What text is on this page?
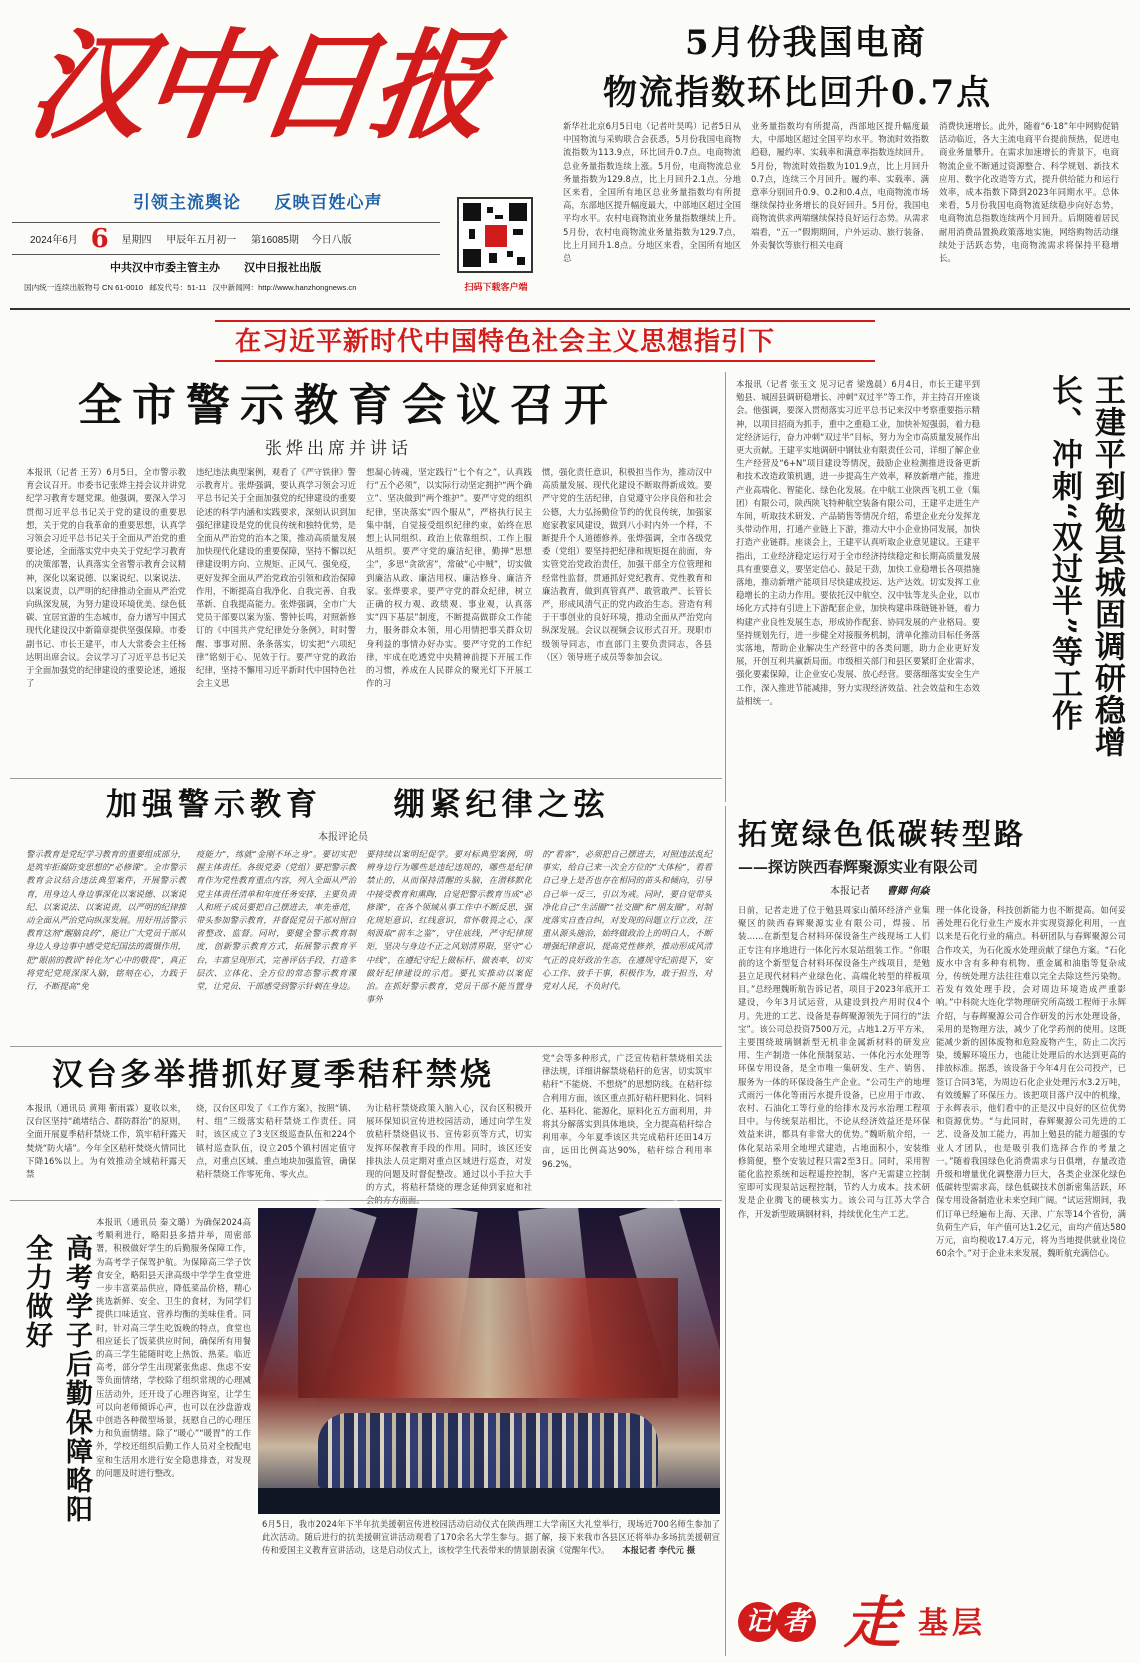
汉中日报
引领主流舆论 反映百姓心声
2024年6月 6 星期四 甲辰年五月初一 第16085期 今日八版
中共汉中市委主管主办 汉中日报社出版
国内统一连续出版物号 CN 61-0010 邮发代号：51-11 汉中新闻网：http://www.hanzhongnews.cn	扫码下载客户端
5月份我国电商
物流指数环比回升0.7点
新华社北京6月5日电（记者叶昊鸣）记者5日从中国物流与采购联合会获悉，5月份我国电商物流指数为113.9点，环比回升0.7点。电商物流总业务量指数连续上涨。5月份，电商物流总业务量指数为129.8点，比上月回升2.1点。分地区来看，全国所有地区总业务量指数均有所提高，东部地区提升幅度最大，中部地区超过全国平均水平。农村电商物流业务量指数继续上升。5月份，农村电商物流业务量指数为129.7点，比上月回升1.8点。分地区来看，全国所有地区总
业务量指数均有所提高，西部地区提升幅度最大，中部地区超过全国平均水平。物流时效指数趋稳，履约率、实载率和满意率指数连续回升。5月份，物流时效指数为101.9点，比上月回升0.7点，连续三个月回升。履约率、实载率、满意率分别回升0.9、0.2和0.4点，电商物流市场继续保持业务增长的良好回升。5月份，我国电商物流供求两端继续保持良好运行态势。从需求端看，“五一”假期期间，户外运动、旅行装备、外卖餐饮等旅行相关电商
消费快速增长。此外，随着“6·18”年中网购促销活动临近，各大主流电商平台提前预热，促进电商业务量攀升。在需求加速增长的背景下，电商物流企业不断通过资源整合、科学规划、新技术应用、数字化改造等方式，提升供给能力和运行效率，成本指数下降到2023年同期水平。总体来看，5月份我国电商物流延续稳步向好态势，电商物流总指数连续两个月回升。后期随着居民耐用消费品置换政策落地实施，网络购物活动继续处于活跃态势，电商物流需求将保持平稳增长。
在习近平新时代中国特色社会主义思想指引下
全市警示教育会议召开
张烨出席并讲话
本报讯（记者 王芳）6月5日，全市警示教育会议召开。市委书记张烨主持会议并讲党纪学习教育专题党课。他强调，要深入学习贯彻习近平总书记关于党的建设的重要思想，关于党的自我革命的重要思想，认真学习领会习近平总书记关于全面从严治党的重要论述，全面落实党中央关于党纪学习教育的决策部署，认真落实全省警示教育会议精神，深化以案说德、以案说纪、以案说法、以案说责，以严明的纪律推动全面从严治党向纵深发展，为努力建设环境优美、绿色低碳、宜居宜游的生态城市，奋力谱写中国式现代化建设汉中新篇章提供坚强保障。市委副书记、市长王建平，市人大常委会主任杨达明出席会议。会议学习了习近平总书记关于全面加强党的纪律建设的重要论述，通报了
违纪违法典型案例，观看了《严守铁律》警示教育片。张烨强调，要认真学习领会习近平总书记关于全面加强党的纪律建设的重要论述的科学内涵和实践要求，深刻认识到加强纪律建设是党的优良传统和独特优势，是全面从严治党的治本之策，推动高质量发展加快现代化建设的重要保障，坚持不懈以纪律建设明方向、立规矩、正风气、强免疫，更好发挥全面从严治党政治引领和政治保障作用，不断提高自我净化、自我完善、自我革新、自我提高能力。张烨强调，全市广大党员干部要以案为鉴、警钟长鸣，对照新修订的《中国共产党纪律处分条例》，时时警醒、事事对照、条条落实，切实把“六项纪律”铭刻于心、见效于行。要严守党的政治纪律，坚持不懈用习近平新时代中国特色社会主义思
想凝心铸魂，坚定践行“七个有之”，认真践行“五个必须”，以实际行动坚定拥护“两个确立”、坚决做到“两个维护”。要严守党的组织纪律，坚决落实“四个服从”，严格执行民主集中制，自觉接受组织纪律约束，始终在思想上认同组织、政治上依靠组织、工作上服从组织。要严守党的廉洁纪律，勤掸“思想尘”，多思“贪欲害”，常破“心中贼”，切实做到廉洁从政、廉洁用权、廉洁修身、廉洁齐家。张烨要求，要严守党的群众纪律，树立正确的权力观、政绩观、事业观，认真落实“四下基层”制度，不断提高做群众工作能力，服务群众本领，用心用情把事关群众切身利益的事情办好办实。要严守党的工作纪律，牢成在吃透党中央精神前提下开展工作的习惯，养成在人民群众的聚光灯下开展工作的习
惯，强化责任意识，积极担当作为，推动汉中高质量发展、现代化建设不断取得新成效。要严守党的生活纪律，自觉遵守公序良俗和社会公德，大力弘扬勤俭节约的优良传统，加强家庭家教家风建设，做到八小时内外一个样，不断提升个人道德修养。张烨强调，全市各级党委（党组）要坚持把纪律和规矩挺在前面，夯实管党治党政治责任，加强干部全方位管理和经常性监督，贯通抓好党纪教育、党性教育和廉洁教育，做到真管真严、敢管敢严、长管长严，形成风清气正的党内政治生态。营造有利于干事创业的良好环境，推动全面从严治党向纵深发展。会议以视频会议形式召开。现职市级领导同志，市直部门主要负责同志，各县（区）领导班子成员等参加会议。
本报讯（记者 张玉文 见习记者 梁逸晨）6月4日，市长王建平到勉县、城固县调研稳增长、冲刺“双过半”等工作，并主持召开座谈会。他强调，要深入贯彻落实习近平总书记来汉中考察重要指示精神，以项目招商为抓手，重中之重稳工业，加快补短强弱，着力稳定经济运行，奋力冲刺“双过半”目标，努力为全市高质量发展作出更大贡献。王建平实地调研中钢钛业有限责任公司，详细了解企业生产经营及“6+N”项目建设等情况，鼓励企业检测推进设备更新和技术改造政策机遇，进一步提高生产效率，释放新增产能，推进产业高端化、智能化、绿色化发展。在中航工业陕西飞机工业（集团）有限公司，陕西陕飞特种航空装备有限公司，王建平走进生产车间，听取技术研发、产品销售等情况介绍，希望企业充分发挥龙头带动作用，打通产业链上下游，推动大中小企业协同发展，加快打造产业链群。座谈会上，王建平认真听取企业意见建议。王建平指出，工业经济稳定运行对于全市经济持续稳定和长期高质量发展具有重要意义，要坚定信心、鼓足干劲，加快工业稳增长各项措施落地，推动新增产能项目尽快建成投运、达产达效。切实发挥工业稳增长的主动力作用。要依托汉中航空、汉中钛等龙头企业，以市场化方式持有引进上下游配套企业，加快构建串珠链链补链，着力构建产业良性发展生态，形成协作配套、协同发展的产业格局。要坚持规划先行，进一步健全对接服务机制，清单化推动目标任务落实落地，帮助企业解决生产经营中的各类问题，助力企业更好发展，开创互利共赢新局面。市级相关部门和县区要紧盯企业需求，强化要素保障，让企业安心发展、放心经营。要落细落实安全生产工作，深入推进节能减排，努力实现经济效益、社会效益和生态效益相统一。	王建平到勉县城固调研稳增长、冲刺“双过半”等工作
加强警示教育 绷紧纪律之弦
本报评论员
警示教育是党纪学习教育的重要组成部分，是筑牢拒腐防变思想的“必修课”。全市警示教育会议结合违法典型案件，开展警示教育，用身边人身边事深化以案说德、以案说纪、以案说法、以案说责，以严明的纪律推动全面从严治党向纵深发展。用好用活警示教育这剂“醒脑良药”，能让广大党员干部从身边人身边事中感受党纪国法的震慑作用，把“眼前的教训”转化为“心中的敬畏”，真正将党纪党规深深入脑，铭刻在心，力践于行，不断提高“免
疫能力”，练就“金刚不坏之身”。要切实把握主体责任。各级党委（党组）要把警示教育作为党性教育重点内容，列入全面从严治党主体责任清单和年度任务安排，主要负责人和班子成员要把自己摆进去，率先垂范，带头参加警示教育，并督促党员干部对照自省整改、监督。同时，要健全警示教育制度，创新警示教育方式，拓展警示教育平台，丰富呈现形式，完善评估手段，打造多层次、立体化、全方位的常态警示教育课堂，让党员、干部感受到警示针刺在身边。
要持续以案明纪促学。要对标典型案例，明辨身边行为哪些是违纪违规的，哪些是纪律禁止的，从而保持清醒的头脑，在潜移默化中接受教育和熏陶，自觉把警示教育当成“必修课”，在各个领域从事工作中不断反思，强化规矩意识、红线意识，常怀敬畏之心，深刻汲取“前车之鉴”，守住底线，严守纪律规矩，坚决与身边不正之风划清界限，坚守“心中线”，在遵纪守纪上做标杆、做表率，切实做好纪律建设的示范。要扎实推动以案促治。在抓好警示教育，党员干部不能当置身事外
的“看客”，必须把自己摆进去，对照违法乱纪事实，给自己来一次全方位的“大体检”，看看自己身上是否也存在相同的苗头和倾向，引导自己举一反三，引以为戒。同时，要自觉带头净化自己“生活圈”“社交圈”和“朋友圈”，对制度落实自查自纠，对发现的问题立行立改，注重从源头施治，始终做政治上的明白人，不断增强纪律意识，提高党性修养，推动形成风清气正的良好政治生态，在遵规守纪前提下，安心工作、放手干事，积极作为，敢于担当，对党对人民，不负时代。
汉台多举措抓好夏季秸秆禁烧
本报讯（通讯员 黄翔 靳雨霖）夏收以来，汉台区坚持“疏堵结合、群防群治”的原则，全面开展夏季秸秆禁烧工作，筑牢秸秆露天焚烧“防火墙”。今年全区秸秆焚烧火情同比下降16%以上。为有效推动全域秸秆露天禁
烧，汉台区印发了《工作方案》，按照“镇、村、组”三级落实秸秆禁烧工作责任。同时，该区成立了3支区级巡查队伍和224个镇村巡查队伍，设立205个镇村固定值守点，对重点区域、重点地块加强监管，确保秸秆禁烧工作零死角、零火点。
为让秸秆禁烧政策入脑入心，汉台区积极开展环保知识宣传进校园活动，通过向学生发放秸秆禁烧倡议书、宣传彩页等方式，切实发挥环保教育手段的作用。同时，该区还安排执法人员定期对重点区域进行巡查，对发现的问题及时督促整改。通过以小手拉大手的方式，将秸秆禁烧的理念延伸到家庭和社
党“会等多种形式，广泛宣传秸秆禁烧相关法律法规，详细讲解禁烧秸秆的危害，切实筑牢秸秆“不能烧、不想烧”的思想防线。在秸秆综合利用方面，该区重点抓好秸秆肥料化、饲料化、基料化、能源化，原料化五方面利用，并将其分解落实到具体地块，全力提高秸秆综合利用率。今年夏季该区共完成秸秆还田14万亩，远田比例高达90%，秸秆综合利用率96.2%。
高考学子后勤保障略阳全力做好
本报讯（通讯员 秦文璐）为确保2024高考顺利进行，略阳县多措并举，周密部署，积极做好学生的后勤服务保障工作，为高考学子保驾护航。为保障高三学子饮食安全，略阳县天津高级中学学生食堂进一步丰富菜品供应，降低菜品价格，精心挑选新鲜、安全、卫生的食材，为同学们提供口味适宜、营养均衡的美味佳肴。同时，针对高三学生吃饭晚的特点，食堂也相应延长了饭菜供应时间，确保所有用餐的高三学生能随时吃上热饭、热菜。临近高考，部分学生出现紧张焦虑、焦虑不安等负面情绪，学校除了组织常规的心理减压活动外，还开设了心理咨询室，让学生可以向老师倾诉心声，也可以在沙盘游戏中创造各种微型场景，抚慰自己的心理压力和负面情绪。除了“暖心”“暖胃”的工作外，学校还组织后勤工作人员对全校配电室和生活用水进行安全隐患排查，对发现的问题及时进行整改。
6月5日，我市2024年下半年抗美援朝宣传进校园活动启动仪式在陕西理工大学南区大礼堂举行，现场近700名师生参加了此次活动。随后进行的抗美援朝宣讲活动观看了170余名大学生参与。据了解，接下来我市各县区还将举办多场抗美援朝宣传和爱国主义教育宣讲活动，这是启动仪式上，该校学生代表带来的情景剧表演《觉醒年代》。 本报记者 李代元 摄
拓宽绿色低碳转型路
——探访陕西春辉聚源实业有限公司
本报记者 曹卿 何焱
日前，记者走进了位于勉县周家山循环经济产业集聚区的陕西春辉聚源实业有限公司，焊接、吊装……在新型复合材料环保设备生产线现场工人们正专注有序地进行一体化污水泵站组装工作。“你眼前的这个新型复合材料环保设备生产线项目，是勉县立足现代材料产业绿色化、高端化转型的样板项目。”总经理魏昕航告诉记者，项目于2023年底开工建设，今年3月试运营，从建设到投产用时仅4个月。先进的工艺、设备是春辉聚源领先于同行的“法宝”。该公司总投资7500万元，占地1.2万平方米，主要围绕玻璃钢新型无机非金属新材料的研发应用、生产制造一体化预制泵站、一体化污水处理等环保专用设备，是全市唯一集研发、生产、销售、服务为一体的环保设备生产企业。“公司生产的地埋式雨污一体化等雨污水提升设备，已应用于市政、农村、石油化工等行业的给排水及污水治理工程项目中。与传统泵站相比，不论从经济效益还是环保效益来讲，都具有非常大的优势。”魏昕航介绍，一体化泵站采用全地埋式建造，占地面积小，安装维修简便，整个安装过程只需2至3日。同时，采用智能化监控系统和远程遥控控制，客户无需建立控制室即可实现泵站远程控制，节约人力成本。技术研发是企业腾飞的硬核实力。该公司与江苏大学合作，开发新型玻璃钢材料，持续优化生产工艺。
理一体化设备，科技创新能力也不断提高。如何妥善处理石化行业生产废水并实现资源化利用，一直以来是石化行业的痛点。科研团队与春辉聚源公司合作攻关，为石化废水处理贡献了绿色方案。“石化废水中含有多种有机物、重金属和油脂等复杂成分，传统处理方法往往难以完全去除这些污染物。若发有效处理手段，会对周边环境造成严重影响。”中科院大连化学物理研究所高级工程师于永辉介绍，与春辉聚源公司合作研发的污水处理设备，采用的是物理方法，减少了化学药剂的使用。这既能减少新的固体废物和危险废物产生，防止二次污染，缓解环境压力，也能让处理后的水达到更高的排放标准。据悉，该设备于今年4月在公司投产，已签订合同3笔，为周边石化企业处理污水3.2万吨，有效缓解了环保压力。该把项目落户汉中的机缘，于永辉表示，他们看中的正是汉中良好的区位优势和资源优势。“与此同时，春辉聚源公司先进的工艺、设备及加工能力，再加上勉县的能力超强的专业人才团队，也是吸引我们选择合作的考量之一。”随着我国绿色化消费需求与日俱增，存量改造升级和增量优化调整潜力巨大，各类企业深化绿色低碳转型需求高，绿色低碳技术创新密集活跃，环保专用设备制造业未来空间广阔。“试运营期间，我们订单已经遍布上海、天津、广东等14个省份，满负荷生产后，年产值可达1.2亿元，亩均产值达580万元，亩均税收17.4万元，将为当地提供就业岗位60余个。”对于企业未来发展，魏昕航充满信心。
记 者 走 基层
